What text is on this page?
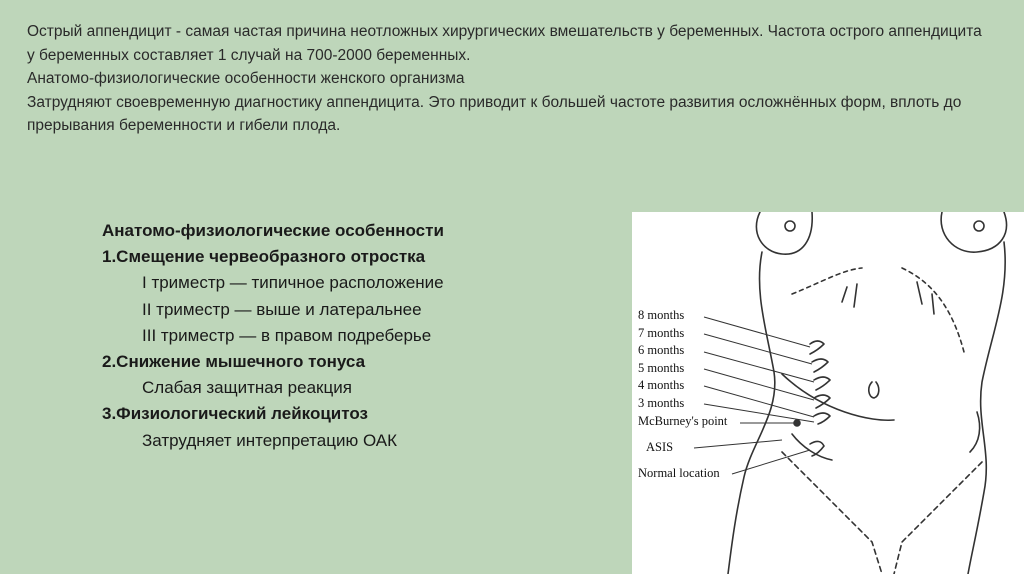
Острый аппендицит - самая частая причина неотложных хирургических вмешательств у беременных. Частота острого аппендицита у беременных составляет 1 случай на 700-2000 беременных.

Анатомо-физиологические особенности женского организма

Затрудняют своевременную диагностику аппендицита. Это приводит к большей частоте развития осложнённых форм, вплоть до прерывания беременности и гибели плода.

Анатомо-физиологические особенности
1.Смещение червеобразного отростка
I триместр — типичное расположение
II триместр — выше и латеральнее
III триместр — в правом подреберье
2.Снижение мышечного тонуса
Слабая защитная реакция
3.Физиологический лейкоцитоз
Затрудняет интерпретацию ОАК
8 months
7 months
6 months
5 months
4 months
3 months
McBurney's point
ASIS
Normal location
